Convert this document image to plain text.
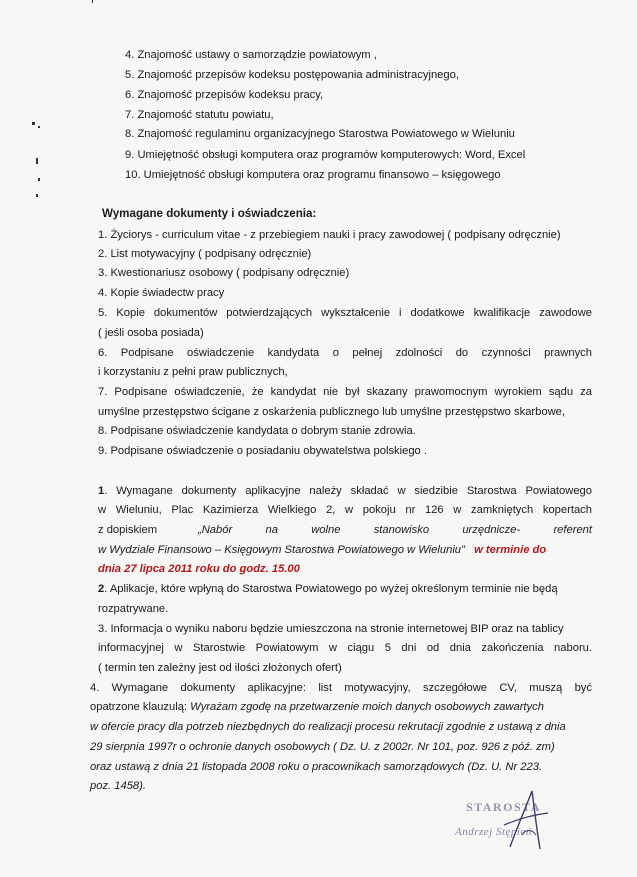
4. Znajomość ustawy o samorządzie powiatowym ,
5. Znajomość przepisów kodeksu postępowania administracyjnego,
6. Znajomość przepisów kodeksu pracy,
7. Znajomość statutu powiatu,
8. Znajomość regulaminu organizacyjnego Starostwa Powiatowego w Wieluniu
9. Umiejętność obsługi komputera oraz programów komputerowych: Word, Excel
10. Umiejętność obsługi komputera oraz programu finansowo – księgowego
Wymagane dokumenty i oświadczenia:
1. Życiorys - curriculum vitae - z przebiegiem nauki i pracy zawodowej ( podpisany odręcznie)
2. List motywacyjny ( podpisany odręcznie)
3. Kwestionariusz osobowy ( podpisany odręcznie)
4. Kopie świadectw pracy
5. Kopie dokumentów potwierdzających wykształcenie i dodatkowe kwalifikacje zawodowe
( jeśli osoba posiada)
6. Podpisane oświadczenie kandydata o pełnej zdolności do czynności prawnych
i korzystaniu z pełni praw publicznych,
7. Podpisane oświadczenie, że kandydat nie był skazany prawomocnym wyrokiem sądu za
umyślne przestępstwo ścigane z oskarżenia publicznego lub umyślne przestępstwo skarbowe,
8. Podpisane oświadczenie kandydata o dobrym stanie zdrowia.
9. Podpisane oświadczenie o posiadaniu obywatelstwa polskiego .
1. Wymagane dokumenty aplikacyjne należy składać w siedzibie Starostwa Powiatowego
w Wieluniu, Plac Kazimierza Wielkiego 2, w pokoju nr 126 w zamkniętych kopertach
z dopiskiem	„Nabór na wolne stanowisko urzędnicze- referent
w Wydziale Finansowo – Księgowym Starostwa Powiatowego w Wieluniu" w terminie do
dnia 27 lipca 2011 roku do godz. 15.00
2. Aplikacje, które wpłyną do Starostwa Powiatowego po wyżej określonym terminie nie będą
rozpatrywane.
3. Informacja o wyniku naboru będzie umieszczona na stronie internetowej BIP oraz na tablicy
informacyjnej w Starostwie Powiatowym w ciągu 5 dni od dnia zakończenia naboru.
( termin ten zależny jest od ilości złożonych ofert)
4. Wymagane dokumenty aplikacyjne: list motywacyjny, szczegółowe CV, muszą być
opatrzone klauzulą: Wyrażam zgodę na przetwarzenie moich danych osobowych zawartych
w ofercie pracy dla potrzeb niezbędnych do realizacji procesu rekrutacji zgodnie z ustawą z dnia
29 sierpnia 1997r o ochronie danych osobowych ( Dz. U. z 2002r. Nr 101, poz. 926 z póź. zm)
oraz ustawą z dnia 21 listopada 2008 roku o pracownikach samorządowych (Dz. U. Nr 223.
poz. 1458).
STAROSTA
Andrzej Stępień
